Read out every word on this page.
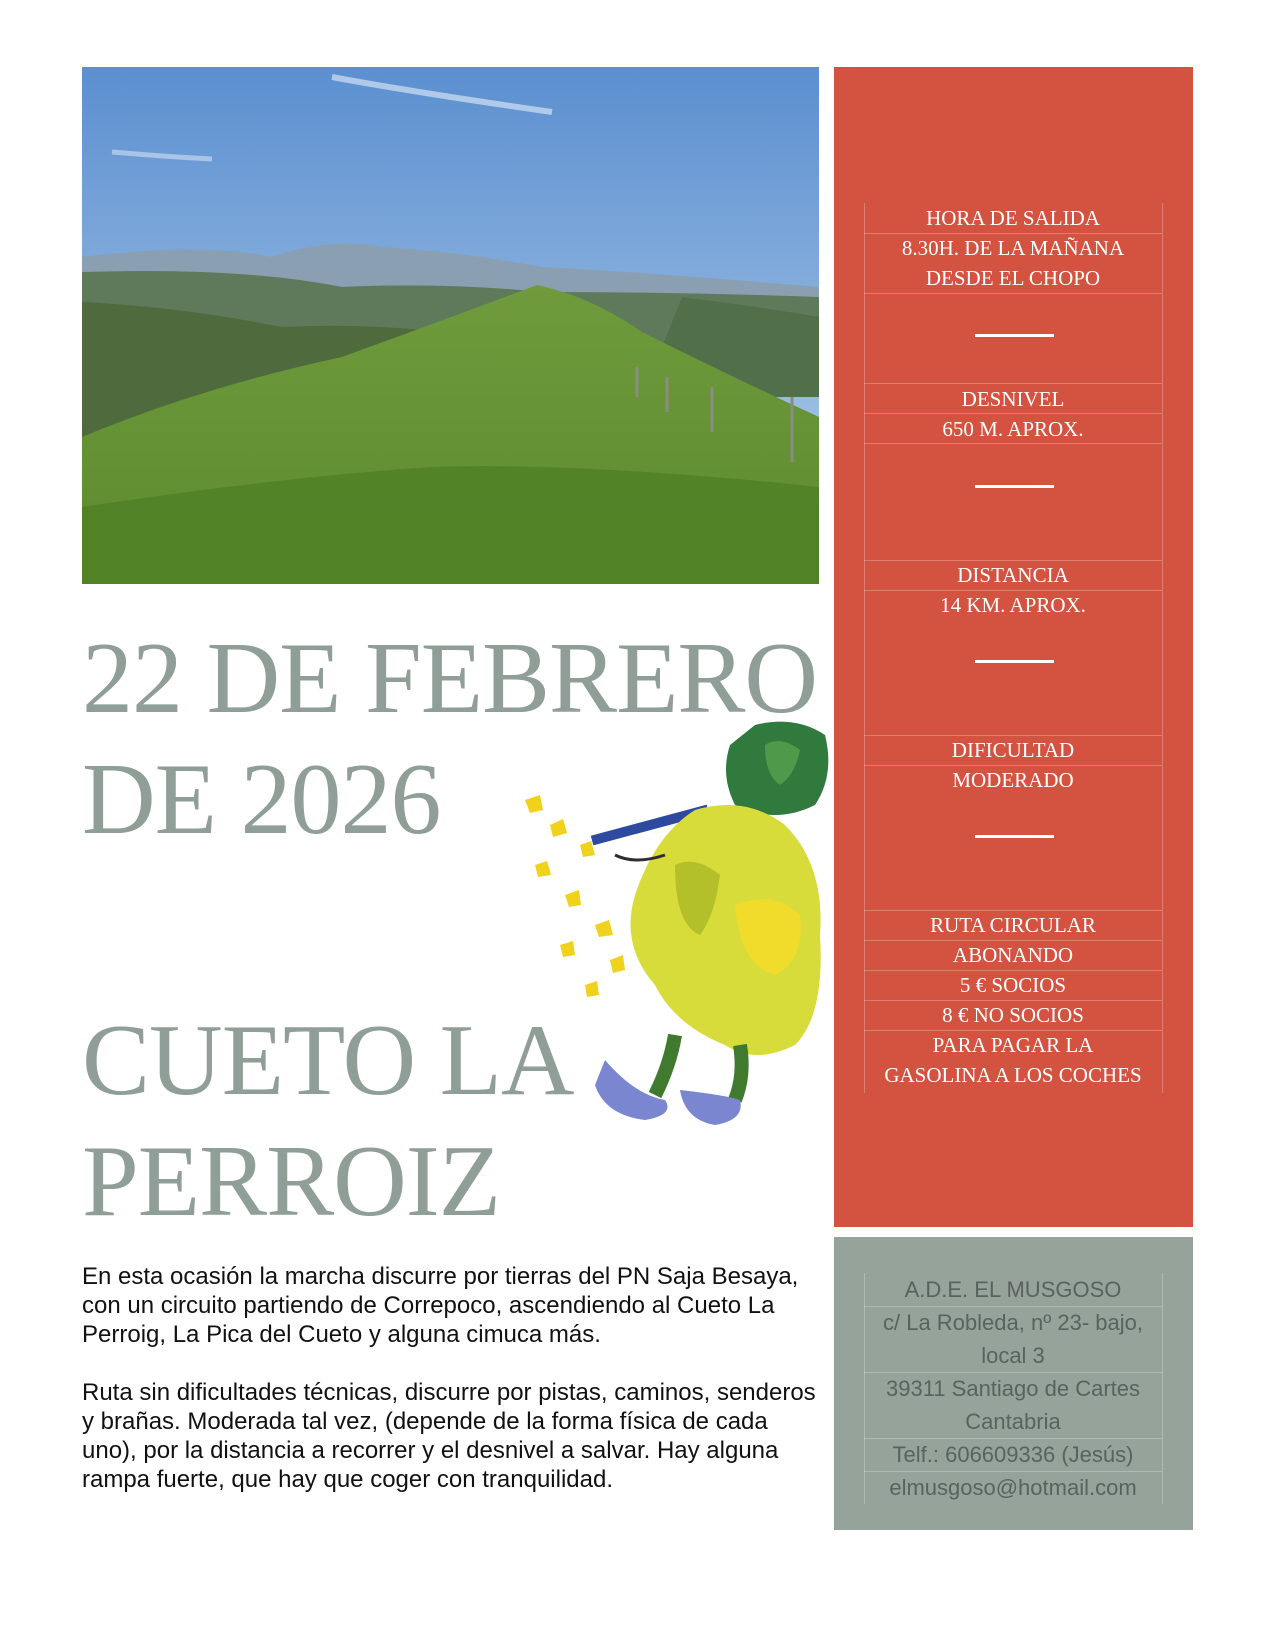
HORA DE SALIDA
8.30H. DE LA MAÑANA
DESDE EL CHOPO
DESNIVEL
650 M. APROX.
DISTANCIA
14 KM. APROX.
DIFICULTAD
MODERADO
RUTA CIRCULAR
ABONANDO
5 € SOCIOS
8 € NO SOCIOS
PARA PAGAR LA
GASOLINA A LOS COCHES
A.D.E. EL MUSGOSO
c/ La Robleda, nº 23- bajo,
local 3
39311 Santiago de Cartes
Cantabria
Telf.: 606609336 (Jesús)
elmusgoso@hotmail.com
22 DE FEBRERO DE 2026
CUETO LA PERROIZ

En esta ocasión la marcha discurre por tierras del PN Saja Besaya, con un circuito partiendo de Correpoco, ascendiendo al Cueto La Perroig, La Pica del Cueto y alguna cimuca más.

Ruta sin dificultades técnicas, discurre por pistas, caminos, senderos y brañas. Moderada tal vez, (depende de la forma física de cada uno), por la distancia a recorrer y el desnivel a salvar. Hay alguna rampa fuerte, que hay que coger con tranquilidad.
